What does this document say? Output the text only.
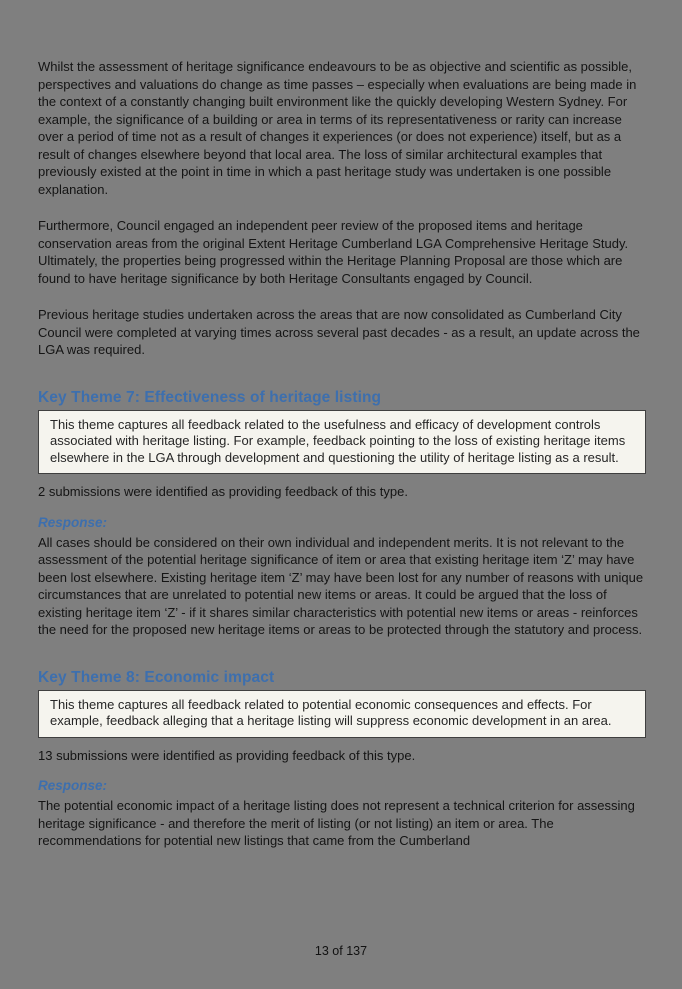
Whilst the assessment of heritage significance endeavours to be as objective and scientific as possible, perspectives and valuations do change as time passes – especially when evaluations are being made in the context of a constantly changing built environment like the quickly developing Western Sydney. For example, the significance of a building or area in terms of its representativeness or rarity can increase over a period of time not as a result of changes it experiences (or does not experience) itself, but as a result of changes elsewhere beyond that local area. The loss of similar architectural examples that previously existed at the point in time in which a past heritage study was undertaken is one possible explanation.

Furthermore, Council engaged an independent peer review of the proposed items and heritage conservation areas from the original Extent Heritage Cumberland LGA Comprehensive Heritage Study. Ultimately, the properties being progressed within the Heritage Planning Proposal are those which are found to have heritage significance by both Heritage Consultants engaged by Council.

Previous heritage studies undertaken across the areas that are now consolidated as Cumberland City Council were completed at varying times across several past decades - as a result, an update across the LGA was required.

Key Theme 7: Effectiveness of heritage listing
This theme captures all feedback related to the usefulness and efficacy of development controls associated with heritage listing. For example, feedback pointing to the loss of existing heritage items elsewhere in the LGA through development and questioning the utility of heritage listing as a result.

2 submissions were identified as providing feedback of this type.

Response:

All cases should be considered on their own individual and independent merits. It is not relevant to the assessment of the potential heritage significance of item or area that existing heritage item ‘Z’ may have been lost elsewhere. Existing heritage item ‘Z’ may have been lost for any number of reasons with unique circumstances that are unrelated to potential new items or areas. It could be argued that the loss of existing heritage item ‘Z’ - if it shares similar characteristics with potential new items or areas - reinforces the need for the proposed new heritage items or areas to be protected through the statutory and process.

Key Theme 8: Economic impact
This theme captures all feedback related to potential economic consequences and effects. For example, feedback alleging that a heritage listing will suppress economic development in an area.

13 submissions were identified as providing feedback of this type.

Response:

The potential economic impact of a heritage listing does not represent a technical criterion for assessing heritage significance - and therefore the merit of listing (or not listing) an item or area. The recommendations for potential new listings that came from the Cumberland

13 of 137
